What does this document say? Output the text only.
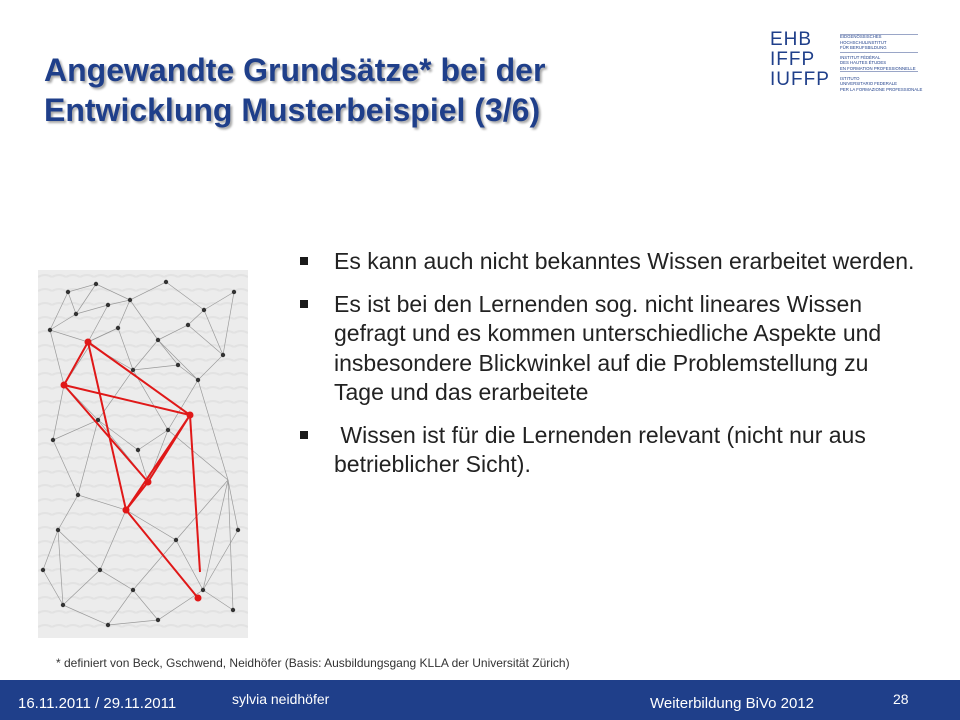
Angewandte Grundsätze* bei der
Entwicklung Musterbeispiel (3/6)
EHB
IFFP
IUFFP
EIDGENÖSSISCHES
HOCHSCHULINSTITUT
FÜR BERUFSBILDUNG
INSTITUT FÉDÉRAL
DES HAUTES ÉTUDES
EN FORMATION PROFESSIONNELLE
ISTITUTO
UNIVERSITARIO FEDERALE
PER LA FORMAZIONE PROFESSIONALE
Es kann auch nicht bekanntes Wissen erarbeitet werden.
Es ist bei den Lernenden sog. nicht lineares Wissen gefragt und es kommen unterschiedliche Aspekte und insbesondere Blickwinkel auf die Problemstellung zu Tage und das erarbeitete
Wissen ist für die Lernenden relevant (nicht nur aus betrieblicher Sicht).
* definiert von Beck, Gschwend, Neidhöfer (Basis: Ausbildungsgang KLLA der Universität Zürich)
16.11.2011 / 29.11.2011	sylvia neidhöfer	Weiterbildung BiVo 2012	28
